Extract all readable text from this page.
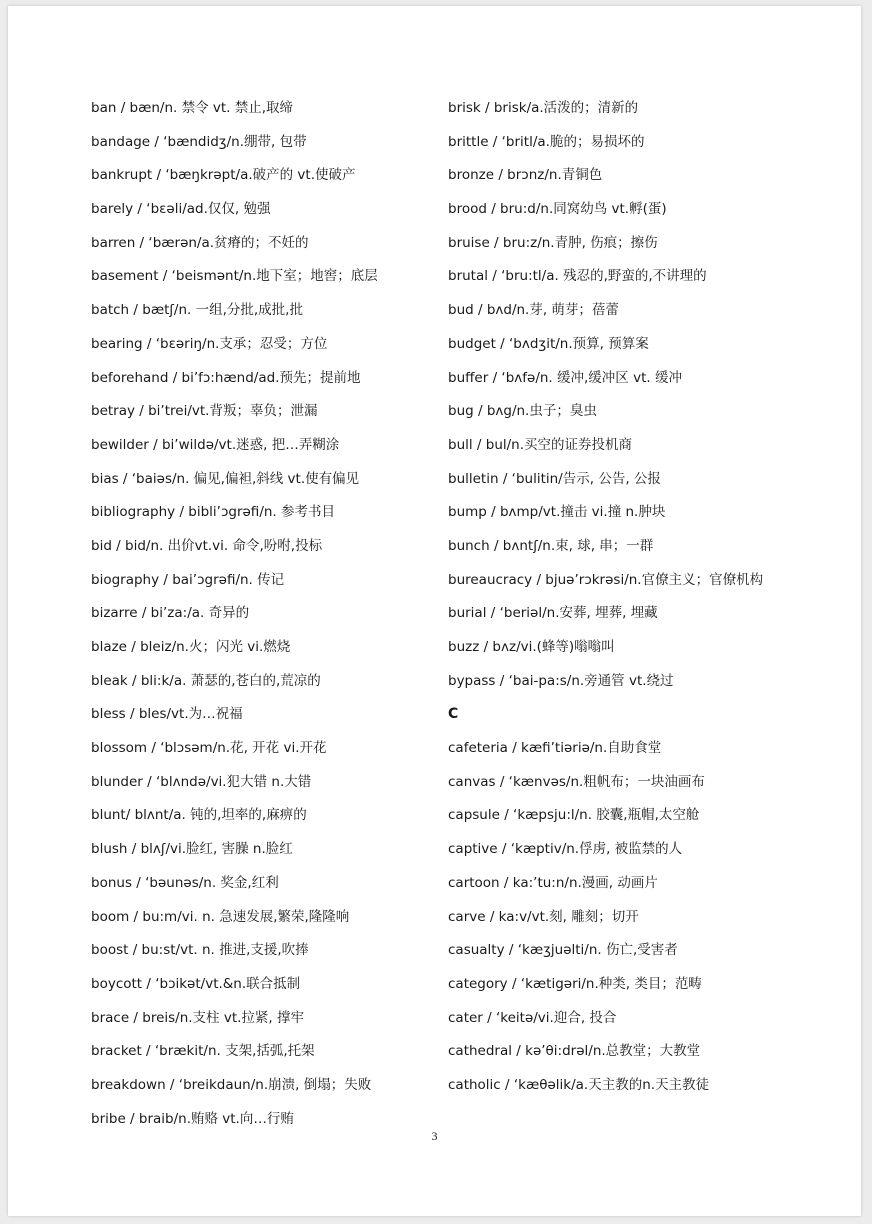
ban / bæn/n. 禁令 vt. 禁止,取缔
bandage / ‘bændidʒ/n.绷带, 包带
bankrupt / ‘bæŋkrəpt/a.破产的 vt.使破产
barely / ‘bɛəli/ad.仅仅, 勉强
barren / ‘bærən/a.贫瘠的；不妊的
basement / ‘beismənt/n.地下室；地窖；底层
batch / bætʃ/n. 一组,分批,成批,批
bearing / ‘bɛəriŋ/n.支承；忍受；方位
beforehand / bi’fɔ:hænd/ad.预先；提前地
betray / bi’trei/vt.背叛；辜负；泄漏
bewilder / bi’wildə/vt.迷惑, 把…弄糊涂
bias / ‘baiəs/n. 偏见,偏袒,斜线 vt.使有偏见
bibliography / bibli’ɔgrəfi/n. 参考书目
bid / bid/n. 出价vt.vi. 命令,吩咐,投标
biography / bai’ɔgrəfi/n. 传记
bizarre / bi’za:/a. 奇异的
blaze / bleiz/n.火；闪光 vi.燃烧
bleak / bli:k/a. 萧瑟的,苍白的,荒凉的
bless / bles/vt.为…祝福
blossom / ‘blɔsəm/n.花, 开花 vi.开花
blunder / ‘blʌndə/vi.犯大错 n.大错
blunt/ blʌnt/a. 钝的,坦率的,麻痹的
blush / blʌʃ/vi.脸红, 害臊 n.脸红
bonus / ‘bəunəs/n. 奖金,红利
boom / bu:m/vi. n. 急速发展,繁荣,隆隆响
boost / bu:st/vt. n. 推进,支援,吹捧
boycott / ‘bɔikət/vt.&n.联合抵制
brace / breis/n.支柱 vt.拉紧, 撑牢
bracket / ‘brækit/n. 支架,括弧,托架
breakdown / ‘breikdaun/n.崩溃, 倒塌；失败
bribe / braib/n.贿赂 vt.向…行贿
brisk / brisk/a.活泼的；清新的
brittle / ‘britl/a.脆的；易损坏的
bronze / brɔnz/n.青铜色
brood / bru:d/n.同窝幼鸟 vt.孵(蛋)
bruise / bru:z/n.青肿, 伤痕；擦伤
brutal / ‘bru:tl/a. 残忍的,野蛮的,不讲理的
bud / bʌd/n.芽, 萌芽；蓓蕾
budget / ‘bʌdʒit/n.预算, 预算案
buffer / ‘bʌfə/n. 缓冲,缓冲区 vt. 缓冲
bug / bʌg/n.虫子；臭虫
bull / bul/n.买空的证券投机商
bulletin / ‘bulitin/告示, 公告, 公报
bump / bʌmp/vt.撞击 vi.撞 n.肿块
bunch / bʌntʃ/n.束, 球, 串；一群
bureaucracy / bjuə’rɔkrəsi/n.官僚主义；官僚机构
burial / ‘beriəl/n.安葬, 埋葬, 埋藏
buzz / bʌz/vi.(蜂等)嗡嗡叫
bypass / ‘bai-pa:s/n.旁通管 vt.绕过
C
cafeteria / kæfi’tiəriə/n.自助食堂
canvas / ‘kænvəs/n.粗帆布；一块油画布
capsule / ‘kæpsju:l/n. 胶囊,瓶帽,太空舱
captive / ‘kæptiv/n.俘虏, 被监禁的人
cartoon / ka:’tu:n/n.漫画, 动画片
carve / ka:v/vt.刻, 雕刻；切开
casualty / ‘kæʒjuəlti/n. 伤亡,受害者
category / ‘kætigəri/n.种类, 类目；范畴
cater / ‘keitə/vi.迎合, 投合
cathedral / kə’θi:drəl/n.总教堂；大教堂
catholic / ‘kæθəlik/a.天主教的n.天主教徒
3
